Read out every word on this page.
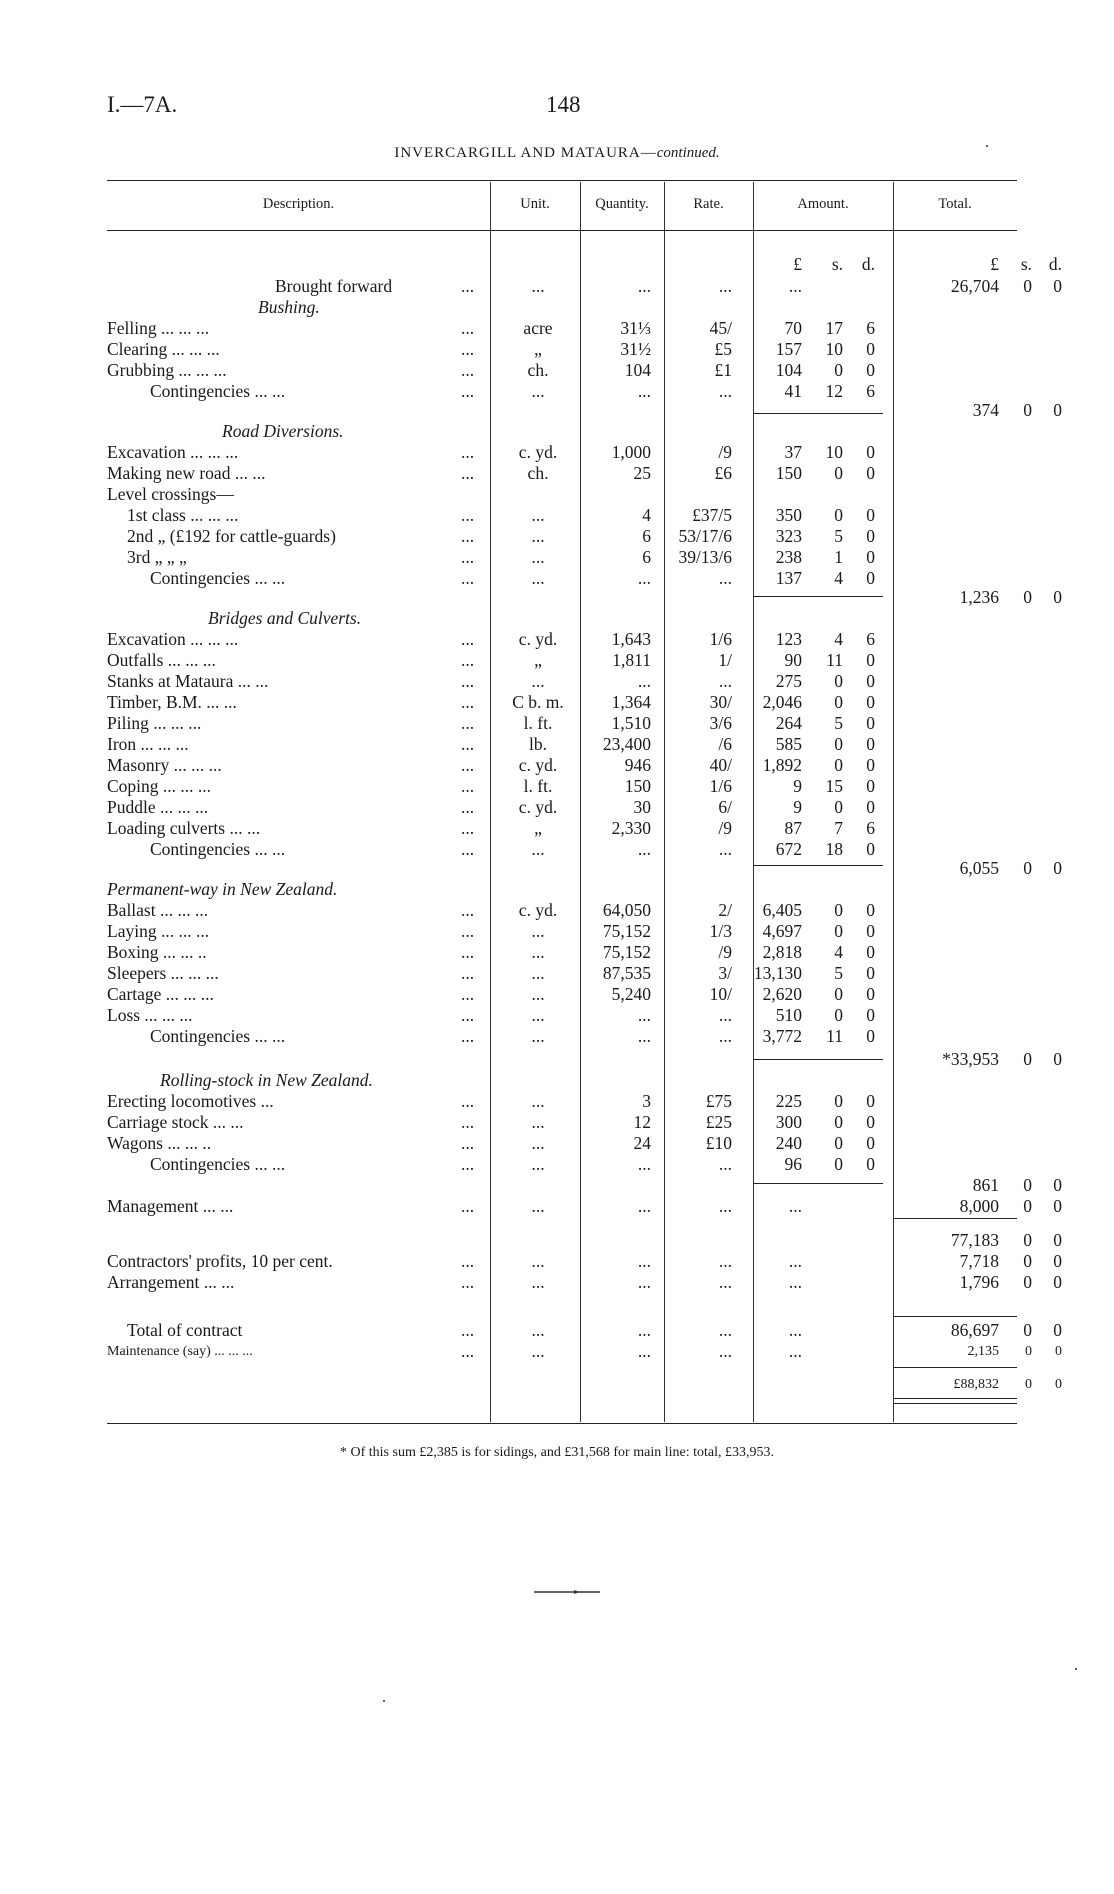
I.—7A.	148
INVERCARGILL AND MATAURA—continued.
Description.	Unit.	Quantity.	Rate.	Amount.	Total.
£	s.	d.	£	s. d.
Brought forward	...	...	...	...	...	26,704	0	0
Bushing.
Felling ... ... ...	...	acre	31⅓	45/	70	17	6
Clearing ... ... ...	...	„	31½	£5	157	10	0
Grubbing ... ... ...	...	ch.	104	£1	104	0	0
Contingencies ... ...	...	...	...	...	41	12	6
374	0	0
Road Diversions.
Excavation ... ... ...	...	c. yd.	1,000	/9	37	10	0
Making new road ... ...	...	ch.	25	£6	150	0	0
Level crossings—
1st class ... ... ...	...	...	4	£37/5	350	0	0
2nd „ (£192 for cattle-guards)	...	...	6	53/17/6	323	5	0
3rd „ „ „	...	...	6	39/13/6	238	1	0
Contingencies ... ...	...	...	...	...	137	4	0
1,236	0	0
Bridges and Culverts.
Excavation ... ... ...	...	c. yd.	1,643	1/6	123	4	6
Outfalls ... ... ...	...	„	1,811	1/	90	11	0
Stanks at Mataura ... ...	...	...	...	...	275	0	0
Timber, B.M. ... ...	...	C b. m.	1,364	30/	2,046	0	0
Piling ... ... ...	...	l. ft.	1,510	3/6	264	5	0
Iron ... ... ...	...	lb.	23,400	/6	585	0	0
Masonry ... ... ...	...	c. yd.	946	40/	1,892	0	0
Coping ... ... ...	...	l. ft.	150	1/6	9	15	0
Puddle ... ... ...	...	c. yd.	30	6/	9	0	0
Loading culverts ... ...	...	„	2,330	/9	87	7	6
Contingencies ... ...	...	...	...	...	672	18	0
6,055	0	0
Permanent-way in New Zealand.
Ballast ... ... ...	...	c. yd.	64,050	2/	6,405	0	0
Laying ... ... ...	...	...	75,152	1/3	4,697	0	0
Boxing ... ... ..	...	...	75,152	/9	2,818	4	0
Sleepers ... ... ...	...	...	87,535	3/ 13,130	5	0
Cartage ... ... ...	...	...	5,240	10/	2,620	0	0
Loss ... ... ...	...	...	...	...	510	0	0
Contingencies ... ...	...	...	...	...	3,772	11	0
*33,953	0	0
Rolling-stock in New Zealand.
Erecting locomotives ...	...	...	3	£75	225	0	0
Carriage stock ... ...	...	...	12	£25	300	0	0
Wagons ... ... ..	...	...	24	£10	240	0	0
Contingencies ... ...	...	...	...	...	96	0	0
861	0	0
Management ... ...	...	...	...	...	...	8,000	0	0
77,183	0	0
Contractors' profits, 10 per cent.	...	...	...	...	...	7,718	0	0
Arrangement ... ...	...	...	...	...	...	1,796	0	0
Total of contract	...	...	...	...	...	86,697	0	0
Maintenance (say) ... ... ...	...	...	...	...	...	2,135	0	0
£88,832	0	0
* Of this sum £2,385 is for sidings, and £31,568 for main line: total, £33,953.
